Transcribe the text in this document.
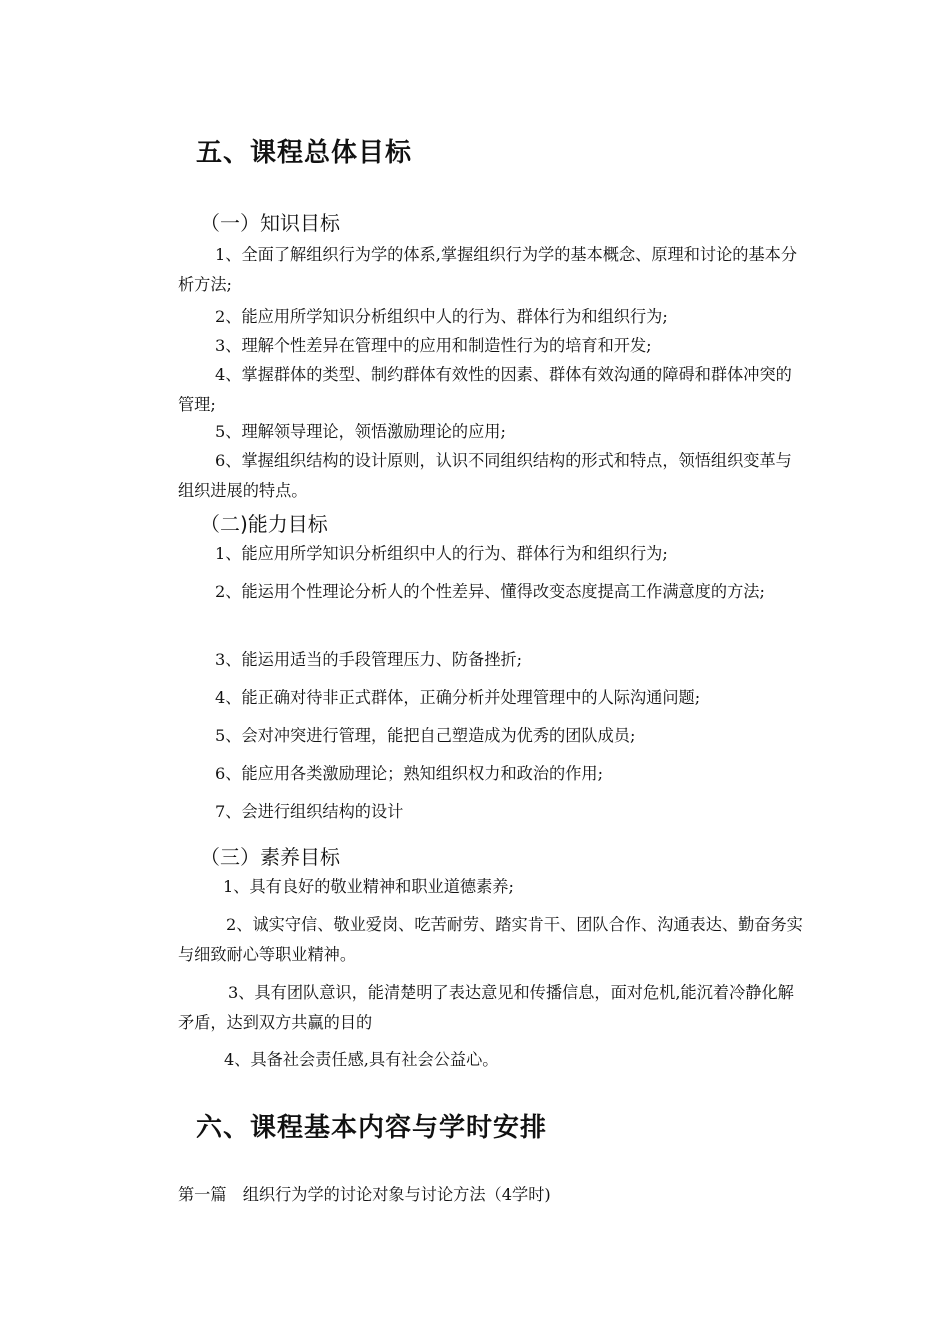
五、课程总体目标
（一）知识目标

1、全面了解组织行为学的体系,掌握组织行为学的基本概念、原理和讨论的基本分析方法;

2、能应用所学知识分析组织中人的行为、群体行为和组织行为;

3、理解个性差异在管理中的应用和制造性行为的培育和开发;

4、掌握群体的类型、制约群体有效性的因素、群体有效沟通的障碍和群体冲突的管理;

5、理解领导理论，领悟激励理论的应用;

6、掌握组织结构的设计原则，认识不同组织结构的形式和特点，领悟组织变革与组织进展的特点。

（二)能力目标

1、能应用所学知识分析组织中人的行为、群体行为和组织行为;

2、能运用个性理论分析人的个性差异、懂得改变态度提高工作满意度的方法;

3、能运用适当的手段管理压力、防备挫折;

4、能正确对待非正式群体，正确分析并处理管理中的人际沟通问题;

5、会对冲突进行管理，能把自己塑造成为优秀的团队成员;

6、能应用各类激励理论；熟知组织权力和政治的作用;

7、会进行组织结构的设计

（三）素养目标

1、具有良好的敬业精神和职业道德素养;

2、诚实守信、敬业爱岗、吃苦耐劳、踏实肯干、团队合作、沟通表达、勤奋务实与细致耐心等职业精神。

3、具有团队意识，能清楚明了表达意见和传播信息，面对危机,能沉着冷静化解矛盾，达到双方共赢的目的

4、具备社会责任感,具有社会公益心。

六、课程基本内容与学时安排
第一篇　组织行为学的讨论对象与讨论方法（4学时)
